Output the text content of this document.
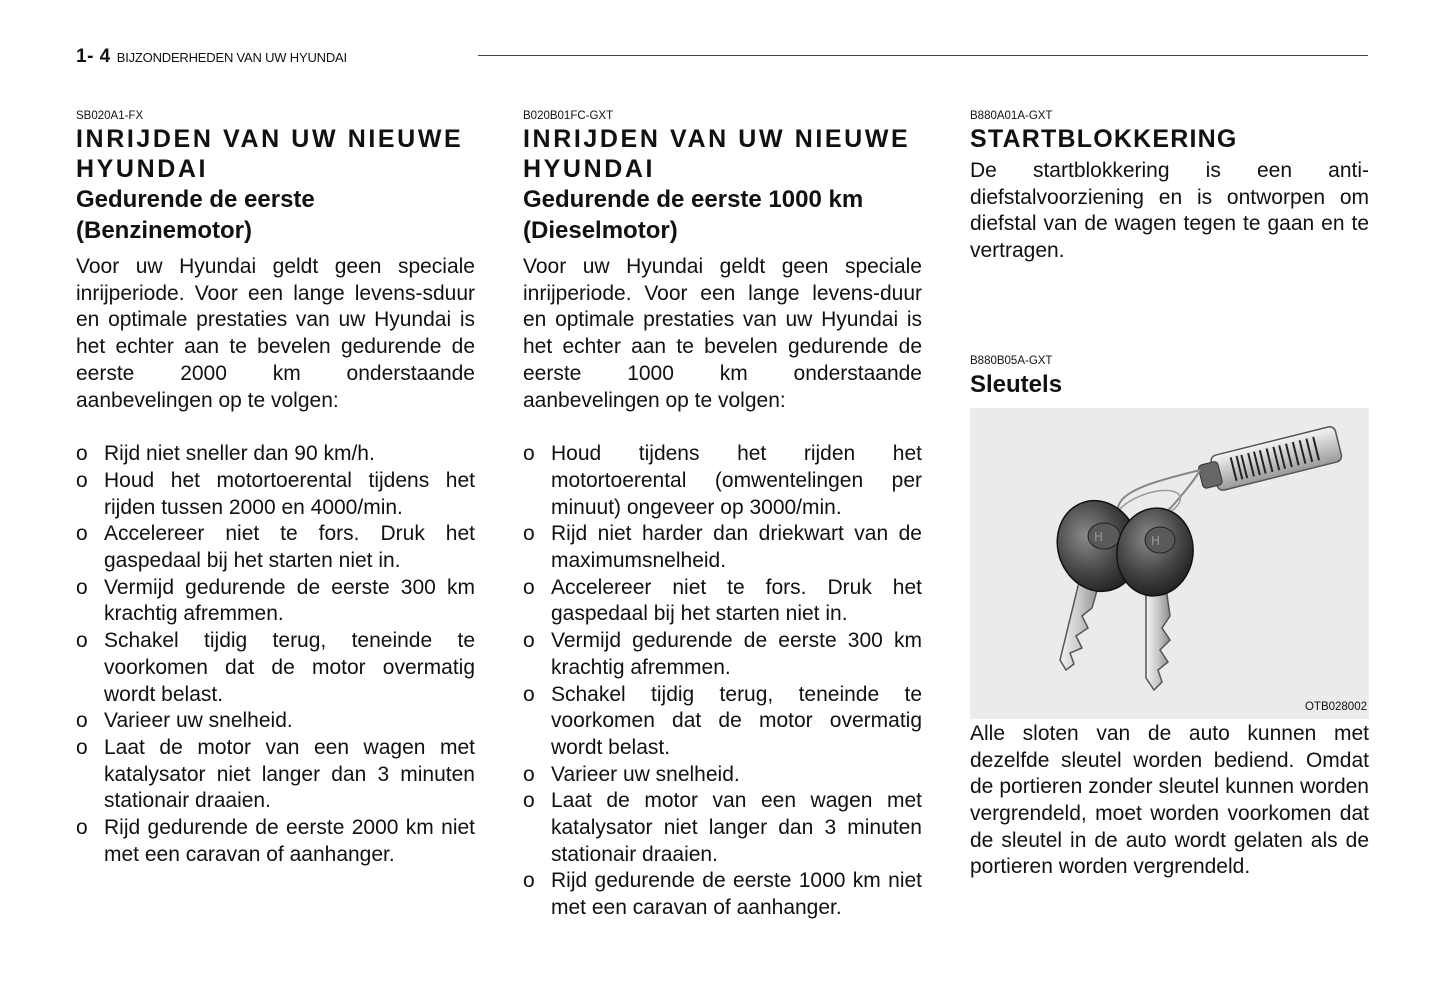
1- 4 BIJZONDERHEDEN VAN UW HYUNDAI

SB020A1-FX

INRIJDEN VAN UW NIEUWE HYUNDAI
Gedurende de eerste (Benzinemotor)

Voor uw Hyundai geldt geen speciale inrijperiode. Voor een lange levens-sduur en optimale prestaties van uw Hyundai is het echter aan te bevelen gedurende de eerste 2000 km onderstaande aanbevelingen op te volgen:

o Rijd niet sneller dan 90 km/h.
o Houd het motortoerental tijdens het rijden tussen 2000 en 4000/min.
o Accelereer niet te fors. Druk het gaspedaal bij het starten niet in.
o Vermijd gedurende de eerste 300 km krachtig afremmen.
o Schakel tijdig terug, teneinde te voorkomen dat de motor overmatig wordt belast.
o Varieer uw snelheid.
o Laat de motor van een wagen met katalysator niet langer dan 3 minuten stationair draaien.
o Rijd gedurende de eerste 2000 km niet met een caravan of aanhanger.

B020B01FC-GXT

INRIJDEN VAN UW NIEUWE HYUNDAI
Gedurende de eerste 1000 km (Dieselmotor)

Voor uw Hyundai geldt geen speciale inrijperiode. Voor een lange levens-duur en optimale prestaties van uw Hyundai is het echter aan te bevelen gedurende de eerste 1000 km onderstaande aanbevelingen op te volgen:

o Houd tijdens het rijden het motortoerental (omwentelingen per minuut) ongeveer op 3000/min.
o Rijd niet harder dan driekwart van de maximumsnelheid.
o Accelereer niet te fors. Druk het gaspedaal bij het starten niet in.
o Vermijd gedurende de eerste 300 km krachtig afremmen.
o Schakel tijdig terug, teneinde te voorkomen dat de motor overmatig wordt belast.
o Varieer uw snelheid.
o Laat de motor van een wagen met katalysator niet langer dan 3 minuten stationair draaien.
o Rijd gedurende de eerste 1000 km niet met een caravan of aanhanger.

B880A01A-GXT

STARTBLOKKERING

De startblokkering is een anti-diefstalvoorziening en is ontworpen om diefstal van de wagen tegen te gaan en te vertragen.

B880B05A-GXT

Sleutels
H	H
OTB028002

Alle sloten van de auto kunnen met dezelfde sleutel worden bediend. Omdat de portieren zonder sleutel kunnen worden vergrendeld, moet worden voorkomen dat de sleutel in de auto wordt gelaten als de portieren worden vergrendeld.
